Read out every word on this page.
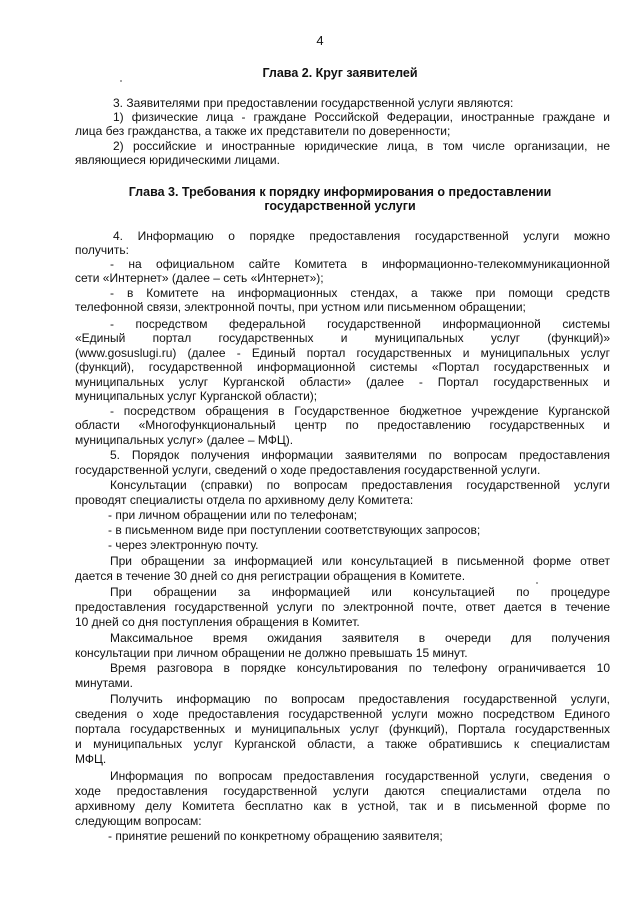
4
Глава 2. Круг заявителей
3. Заявителями при предоставлении государственной услуги являются:
1) физические лица - граждане Российской Федерации, иностранные граждане и
лица без гражданства, а также их представители по доверенности;
2) российские и иностранные юридические лица, в том числе организации, не
являющиеся юридическими лицами.
Глава 3. Требования к порядку информирования о предоставлении
государственной услуги
4. Информацию о порядке предоставления государственной услуги можно
получить:
- на официальном сайте Комитета в информационно-телекоммуникационной
сети «Интернет» (далее – сеть «Интернет»);
- в Комитете на информационных стендах, а также при помощи средств
телефонной связи, электронной почты, при устном или письменном обращении;
- посредством федеральной государственной информационной системы
«Единый портал государственных и муниципальных услуг (функций)»
(www.gosuslugi.ru) (далее - Единый портал государственных и муниципальных услуг
(функций), государственной информационной системы «Портал государственных и
муниципальных услуг Курганской области» (далее - Портал государственных и
муниципальных услуг Курганской области);
- посредством обращения в Государственное бюджетное учреждение Курганской
области «Многофункциональный центр по предоставлению государственных и
муниципальных услуг» (далее – МФЦ).
5. Порядок получения информации заявителями по вопросам предоставления
государственной услуги, сведений о ходе предоставления государственной услуги.
Консультации (справки) по вопросам предоставления государственной услуги
проводят специалисты отдела по архивному делу Комитета:
- при личном обращении или по телефонам;
- в письменном виде при поступлении соответствующих запросов;
- через электронную почту.
При обращении за информацией или консультацией в письменной форме ответ
дается в течение 30 дней со дня регистрации обращения в Комитете.
При обращении за информацией или консультацией по процедуре
предоставления государственной услуги по электронной почте, ответ дается в течение
10 дней со дня поступления обращения в Комитет.
Максимальное время ожидания заявителя в очереди для получения
консультации при личном обращении не должно превышать 15 минут.
Время разговора в порядке консультирования по телефону ограничивается 10
минутами.
Получить информацию по вопросам предоставления государственной услуги,
сведения о ходе предоставления государственной услуги можно посредством Единого
портала государственных и муниципальных услуг (функций), Портала государственных
и муниципальных услуг Курганской области, а также обратившись к специалистам
МФЦ.
Информация по вопросам предоставления государственной услуги, сведения о
ходе предоставления государственной услуги даются специалистами отдела по
архивному делу Комитета бесплатно как в устной, так и в письменной форме по
следующим вопросам:
- принятие решений по конкретному обращению заявителя;
